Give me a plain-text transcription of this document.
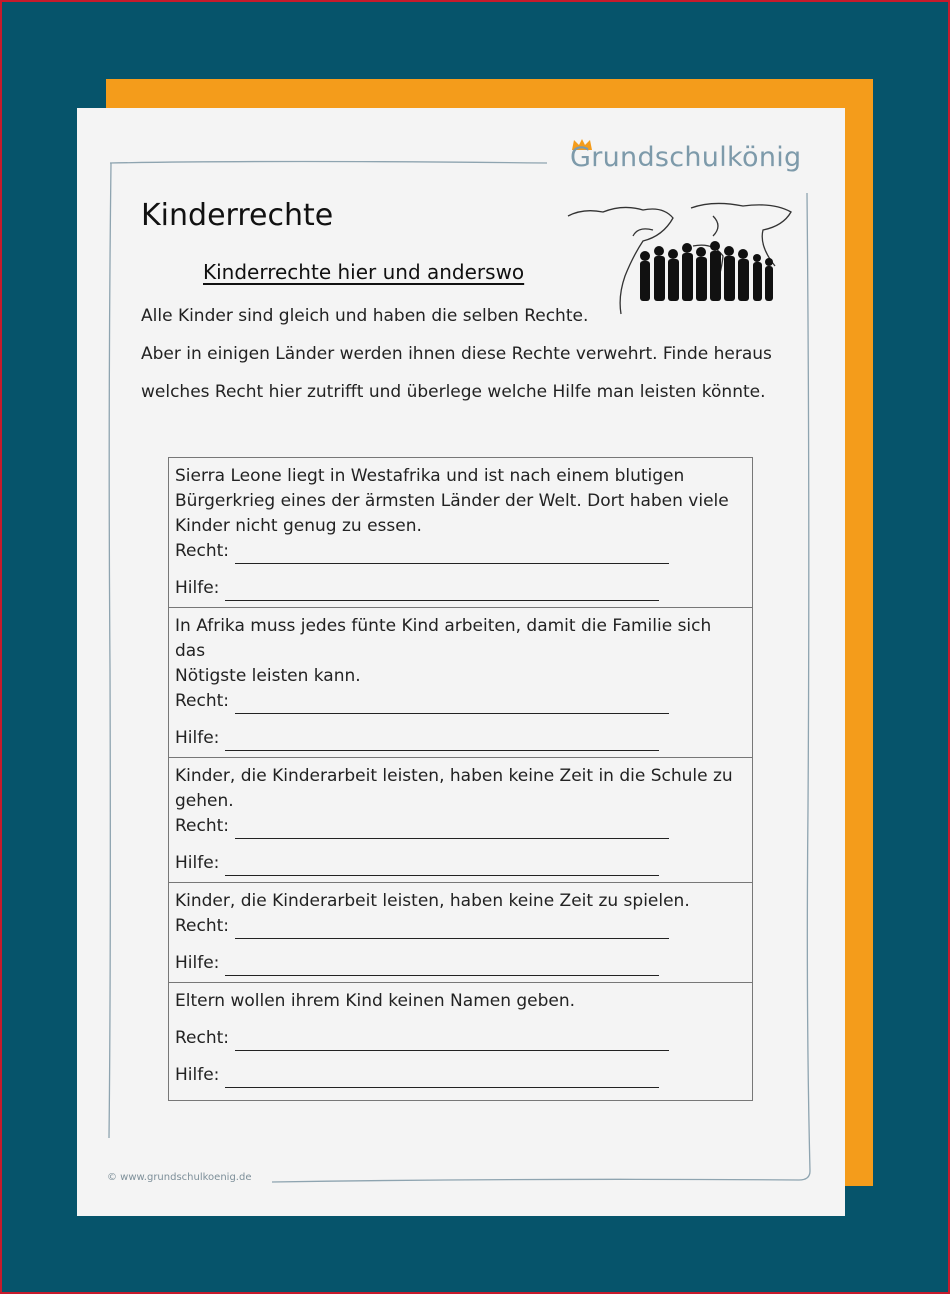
Grundschulkönig
Kinderrechte
Kinderrechte hier und anderswo
Alle Kinder sind gleich und haben die selben Rechte.
Aber in einigen Länder werden ihnen diese Rechte verwehrt. Finde heraus
welches Recht hier zutrifft und überlege welche Hilfe man leisten könnte.
Sierra Leone liegt in Westafrika und ist nach einem blutigen
Bürgerkrieg eines der ärmsten Länder der Welt. Dort haben viele
Kinder nicht genug zu essen.
Recht:
Hilfe:

In Afrika muss jedes fünte Kind arbeiten, damit die Familie sich das
Nötigste leisten kann.
Recht:
Hilfe:

Kinder, die Kinderarbeit leisten, haben keine Zeit in die Schule zu
gehen.
Recht:
Hilfe:

Kinder, die Kinderarbeit leisten, haben keine Zeit zu spielen.
Recht:
Hilfe:

Eltern wollen ihrem Kind keinen Namen geben.
Recht:
Hilfe:
© www.grundschulkoenig.de
